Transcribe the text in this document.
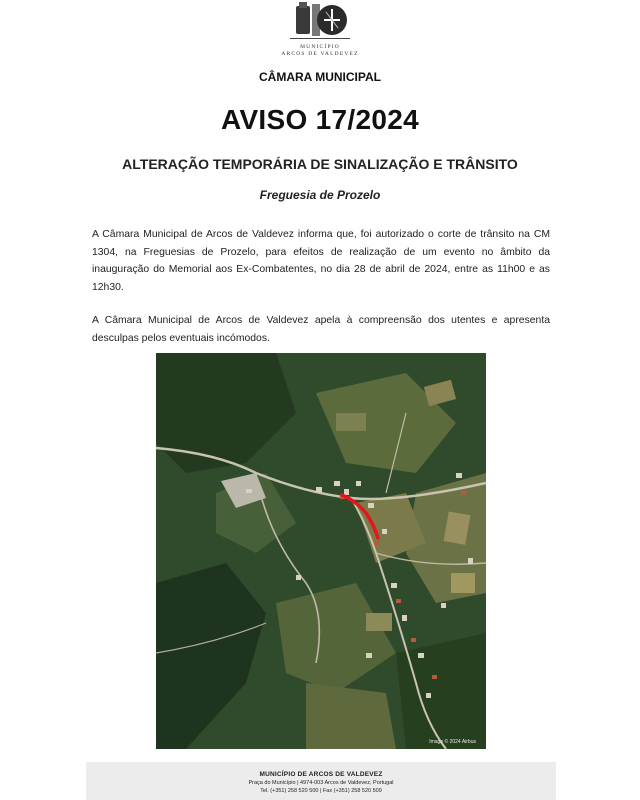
MUNICÍPIO
ARCOS DE VALDEVEZ
CÂMARA MUNICIPAL
AVISO 17/2024
ALTERAÇÃO TEMPORÁRIA DE SINALIZAÇÃO E TRÂNSITO
Freguesia de Prozelo

A Câmara Municipal de Arcos de Valdevez informa que, foi autorizado o corte de trânsito na CM 1304, na Freguesias de Prozelo, para efeitos de realização de um evento no âmbito da inauguração do Memorial aos Ex-Combatentes, no dia 28 de abril de 2024, entre as 11h00 e as 12h30.

A Câmara Municipal de Arcos de Valdevez apela à compreensão dos utentes e apresenta desculpas pelos eventuais incómodos.

Image © 2024 Airbus
MUNICÍPIO DE ARCOS DE VALDEVEZ
Praça do Município | 4974-003 Arcos de Valdevez, Portugal
Tel. (+351) 258 520 500 | Fax (+351) 258 520 509
